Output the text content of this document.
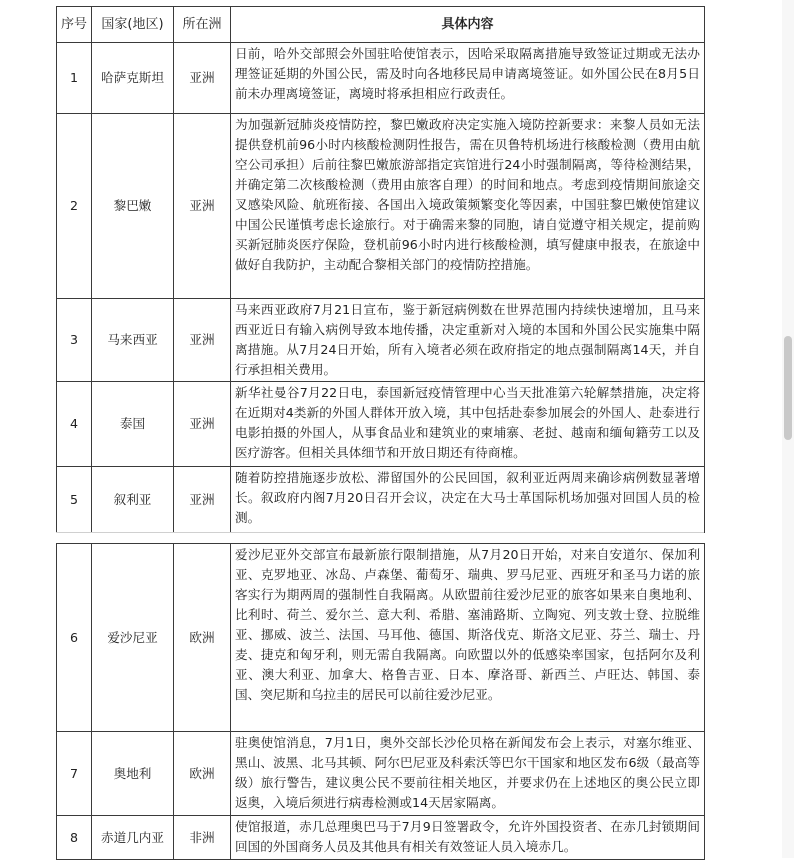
序号	国家(地区)	所在洲	具体内容
1	哈萨克斯坦	亚洲	日前，哈外交部照会外国驻哈使馆表示，因哈采取隔离措施导致签证过期或无法办理签证延期的外国公民，需及时向各地移民局申请离境签证。如外国公民在8月5日前未办理离境签证，离境时将承担相应行政责任。
2	黎巴嫩	亚洲	为加强新冠肺炎疫情防控，黎巴嫩政府决定实施入境防控新要求：来黎人员如无法提供登机前96小时内核酸检测阴性报告，需在贝鲁特机场进行核酸检测（费用由航空公司承担）后前往黎巴嫩旅游部指定宾馆进行24小时强制隔离，等待检测结果，并确定第二次核酸检测（费用由旅客自理）的时间和地点。考虑到疫情期间旅途交叉感染风险、航班衔接、各国出入境政策频繁变化等因素，中国驻黎巴嫩使馆建议中国公民谨慎考虑长途旅行。对于确需来黎的同胞，请自觉遵守相关规定，提前购买新冠肺炎医疗保险，登机前96小时内进行核酸检测，填写健康申报表，在旅途中做好自我防护，主动配合黎相关部门的疫情防控措施。
3	马来西亚	亚洲	马来西亚政府7月21日宣布，鉴于新冠病例数在世界范围内持续快速增加，且马来西亚近日有输入病例导致本地传播，决定重新对入境的本国和外国公民实施集中隔离措施。从7月24日开始，所有入境者必须在政府指定的地点强制隔离14天，并自行承担相关费用。
4	泰国	亚洲	新华社曼谷7月22日电，泰国新冠疫情管理中心当天批准第六轮解禁措施，决定将在近期对4类新的外国人群体开放入境，其中包括赴泰参加展会的外国人、赴泰进行电影拍摄的外国人，从事食品业和建筑业的柬埔寨、老挝、越南和缅甸籍劳工以及医疗游客。但相关具体细节和开放日期还有待商榷。
5	叙利亚	亚洲	随着防控措施逐步放松、滞留国外的公民回国，叙利亚近两周来确诊病例数显著增长。叙政府内阁7月20日召开会议，决定在大马士革国际机场加强对回国人员的检测。
6	爱沙尼亚	欧洲	爱沙尼亚外交部宣布最新旅行限制措施，从7月20日开始，对来自安道尔、保加利亚、克罗地亚、冰岛、卢森堡、葡萄牙、瑞典、罗马尼亚、西班牙和圣马力诺的旅客实行为期两周的强制性自我隔离。从欧盟前往爱沙尼亚的旅客如果来自奥地利、比利时、荷兰、爱尔兰、意大利、希腊、塞浦路斯、立陶宛、列支敦士登、拉脱维亚、挪威、波兰、法国、马耳他、德国、斯洛伐克、斯洛文尼亚、芬兰、瑞士、丹麦、捷克和匈牙利，则无需自我隔离。向欧盟以外的低感染率国家，包括阿尔及利亚、澳大利亚、加拿大、格鲁吉亚、日本、摩洛哥、新西兰、卢旺达、韩国、泰国、突尼斯和乌拉圭的居民可以前往爱沙尼亚。
7	奥地利	欧洲	驻奥使馆消息，7月1日，奥外交部长沙伦贝格在新闻发布会上表示，对塞尔维亚、黑山、波黑、北马其顿、阿尔巴尼亚及科索沃等巴尔干国家和地区发布6级（最高等级）旅行警告，建议奥公民不要前往相关地区，并要求仍在上述地区的奥公民立即返奥，入境后须进行病毒检测或14天居家隔离。
8	赤道几内亚	非洲	使馆报道，赤几总理奥巴马于7月9日签署政令，允许外国投资者、在赤几封锁期间回国的外国商务人员及其他具有相关有效签证人员入境赤几。
